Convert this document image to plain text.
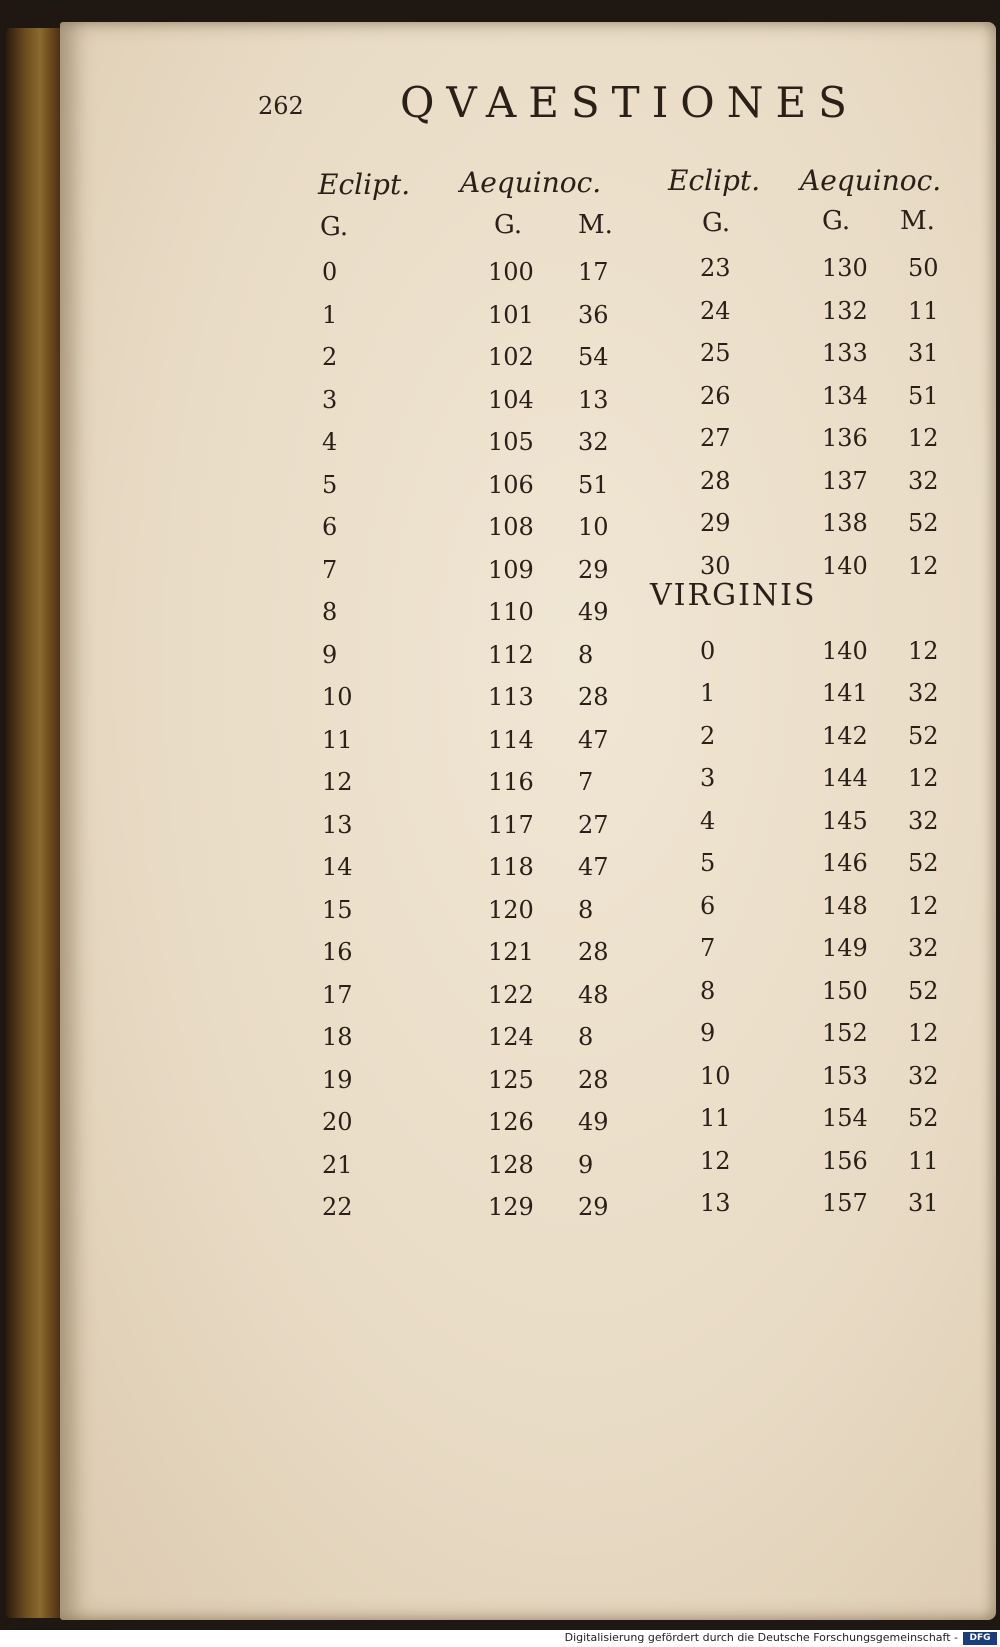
262 QVAESTIONES
Eclipt. Aequinoc. Eclipt. Aequinoc.
G.	G. M.	G.	G. M.
0	100 17
1	101 36
2	102 54
3	104 13
4	105 32
5	106 51
6	108 10
7	109 29
8	110 49
9	112 8
10	113 28
11	114 47
12	116 7
13	117 27
14	118 47
15	120 8
16	121 28
17	122 48
18	124 8
19	125 28
20	126 49
21	128 9
22	129 29
23	130 50
24	132 11
25	133 31
26	134 51
27	136 12
28	137 32
29	138 52
30	140 12
0	140 12
1	141 32
2	142 52
3	144 12
4	145 32
5	146 52
6	148 12
7	149 32
8	150 52
9	152 12
10	153 32
11	154 52
12	156 11
13	157 31
VIRGINIS
Digitalisierung gefördert durch die Deutsche Forschungsgemeinschaft -	DFG
